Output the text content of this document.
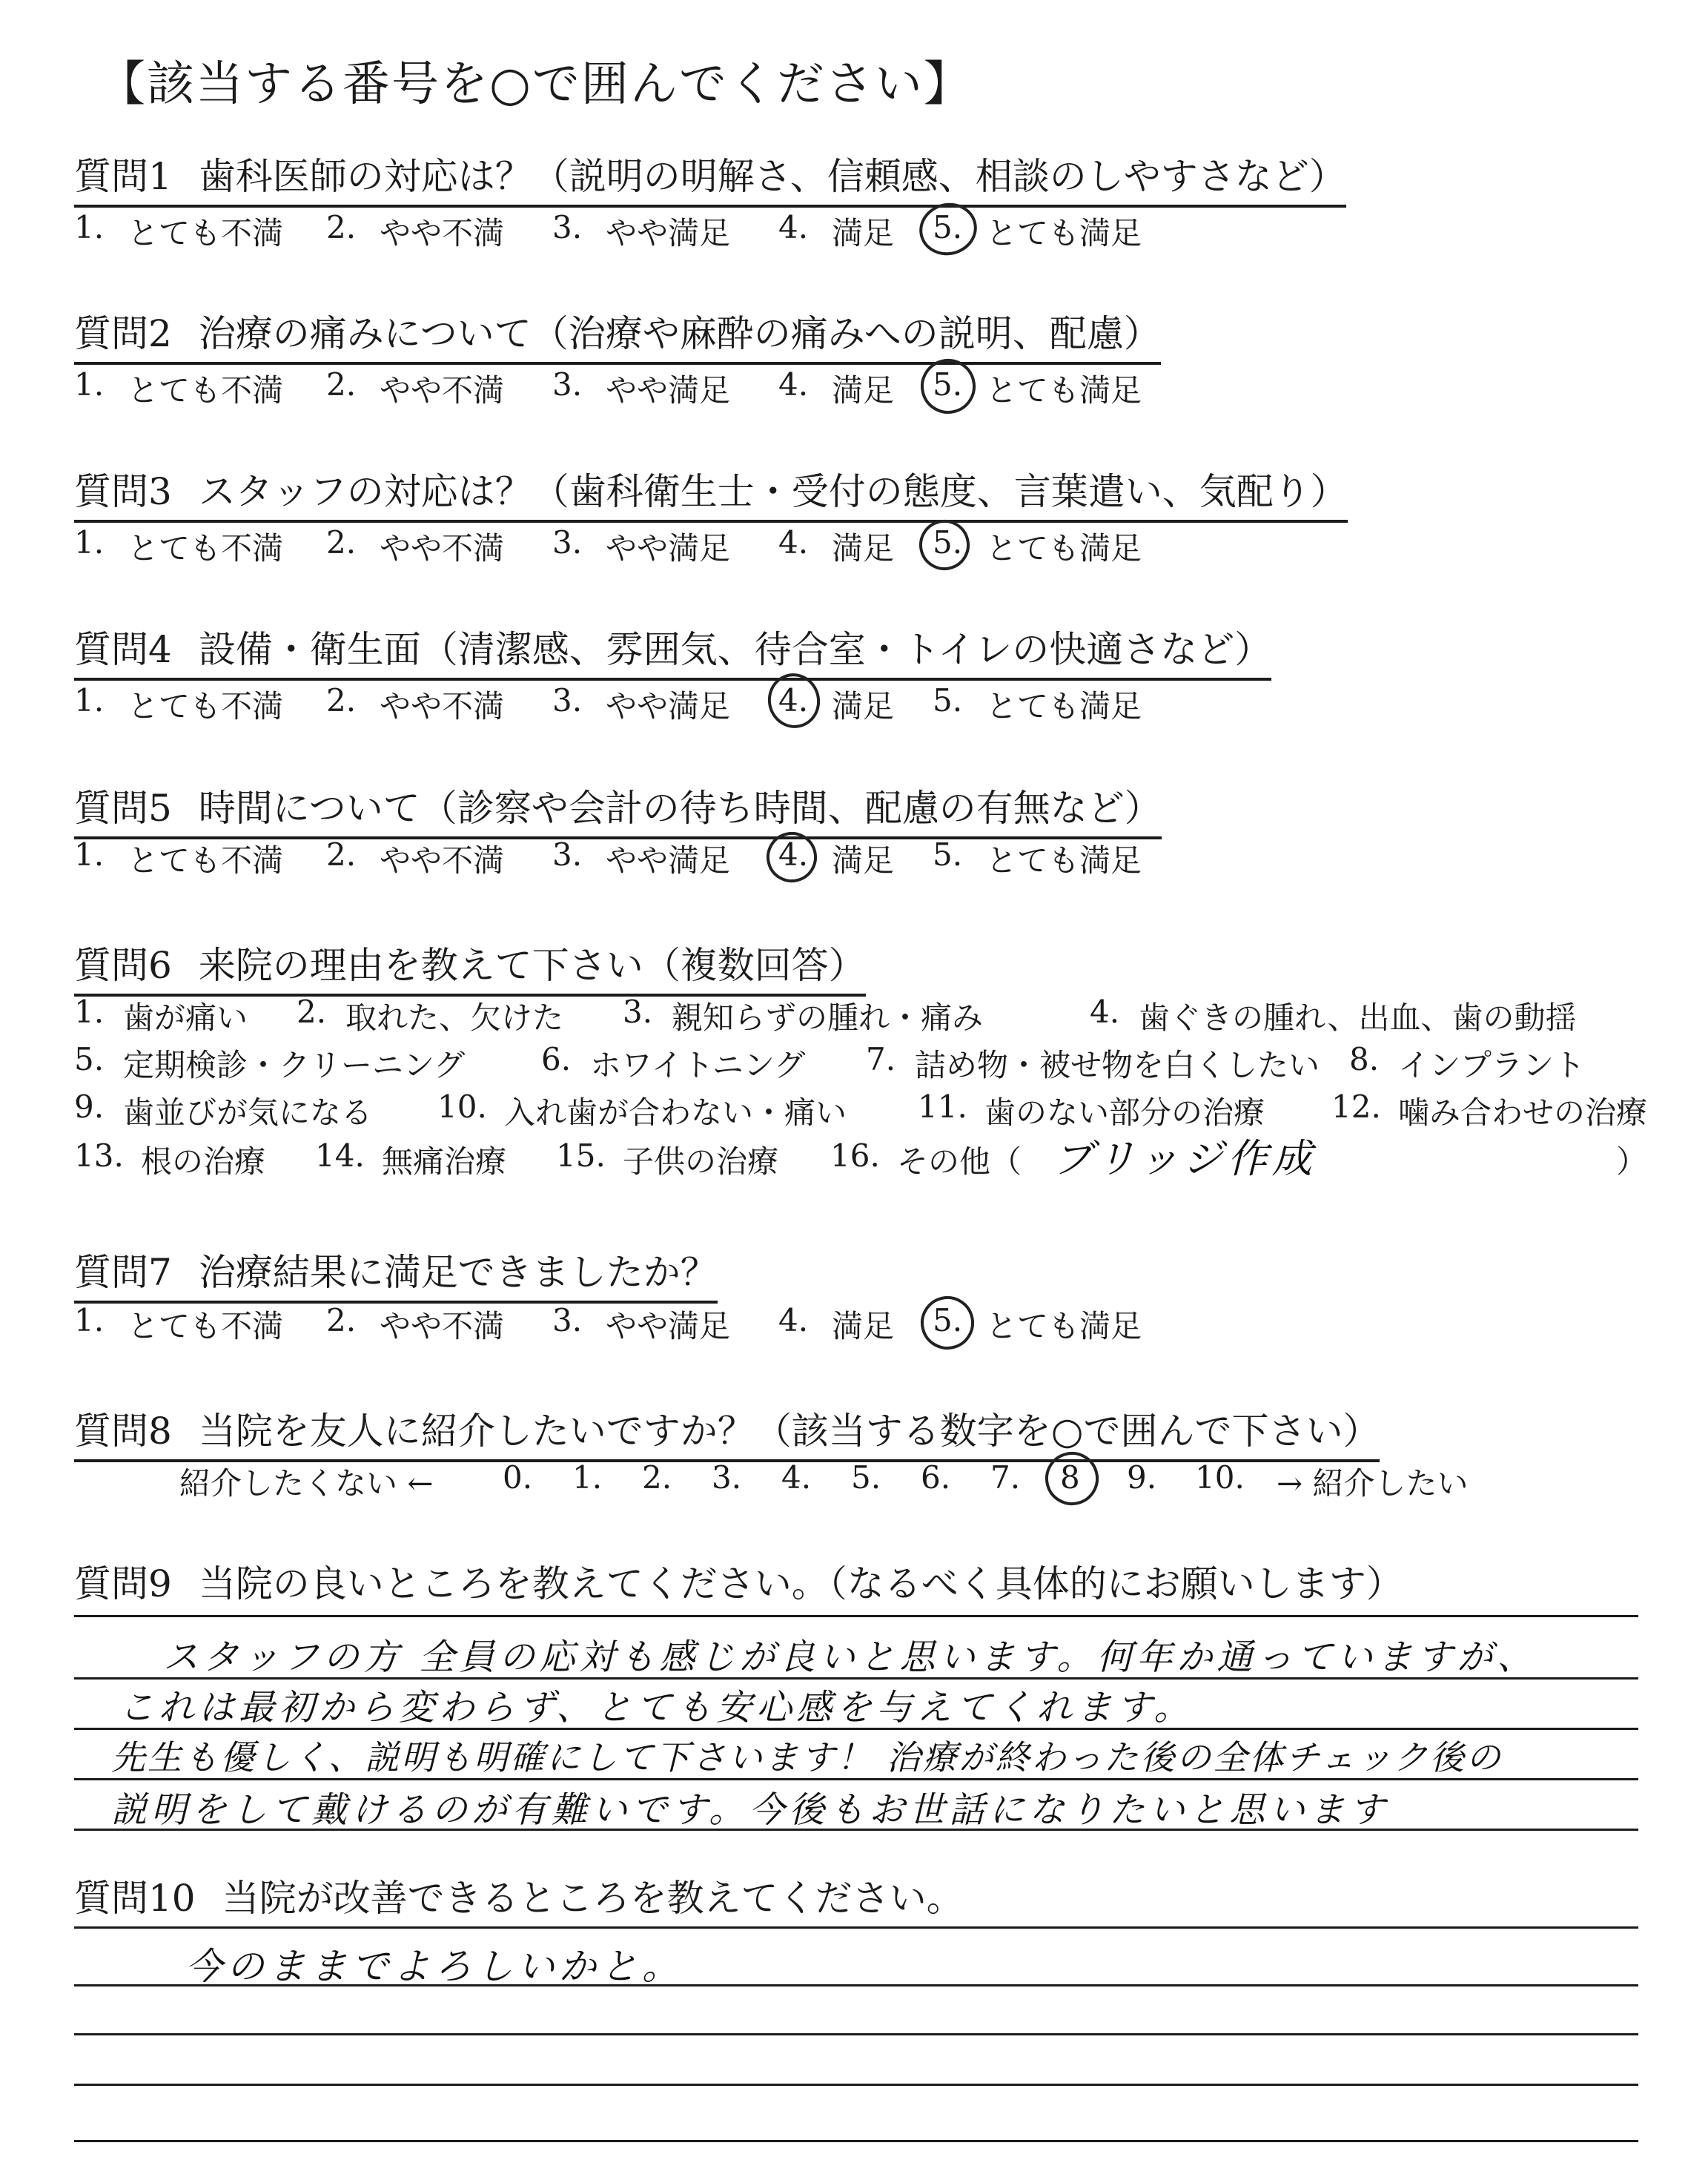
【該当する番号を○で囲んでください】
質問1 歯科医師の対応は？（説明の明解さ、信頼感、相談のしやすさなど）
1. とても不満 2. やや不満 3. やや満足 4. 満足 5. とても満足
質問2 治療の痛みについて（治療や麻酔の痛みへの説明、配慮）
1. とても不満 2. やや不満 3. やや満足 4. 満足 5. とても満足
質問3 スタッフの対応は？（歯科衛生士・受付の態度、言葉遣い、気配り）
1. とても不満 2. やや不満 3. やや満足 4. 満足 5. とても満足
質問4 設備・衛生面（清潔感、雰囲気、待合室・トイレの快適さなど）
1. とても不満 2. やや不満 3. やや満足 4. 満足 5. とても満足
質問5 時間について（診察や会計の待ち時間、配慮の有無など）
1. とても不満 2. やや不満 3. やや満足 4. 満足 5. とても満足
質問6 来院の理由を教えて下さい（複数回答）
1. 歯が痛い 2. 取れた、欠けた 3. 親知らずの腫れ・痛み	4. 歯ぐきの腫れ、出血、歯の動揺
5. 定期検診・クリーニング 6. ホワイトニング 7. 詰め物・被せ物を白くしたい 8. インプラント
9. 歯並びが気になる 10. 入れ歯が合わない・痛い 11. 歯のない部分の治療 12. 噛み合わせの治療
13. 根の治療 14. 無痛治療 15. 子供の治療 16. その他（ ブリッジ作成	）
質問7 治療結果に満足できましたか？
1. とても不満 2. やや不満 3. やや満足 4. 満足 5. とても満足
質問8 当院を友人に紹介したいですか？（該当する数字を○で囲んで下さい）
紹介したくない ← 0. 1. 2. 3. 4. 5. 6. 7. 8 9. 10. → 紹介したい
質問9 当院の良いところを教えてください。（なるべく具体的にお願いします）
スタッフの方 全員の応対も感じが良いと思います。何年か通っていますが、
これは最初から変わらず、とても安心感を与えてくれます。
先生も優しく、説明も明確にして下さいます！ 治療が終わった後の全体チェック後の
説明をして戴けるのが有難いです。今後もお世話になりたいと思います
質問10 当院が改善できるところを教えてください。
今のままでよろしいかと。
